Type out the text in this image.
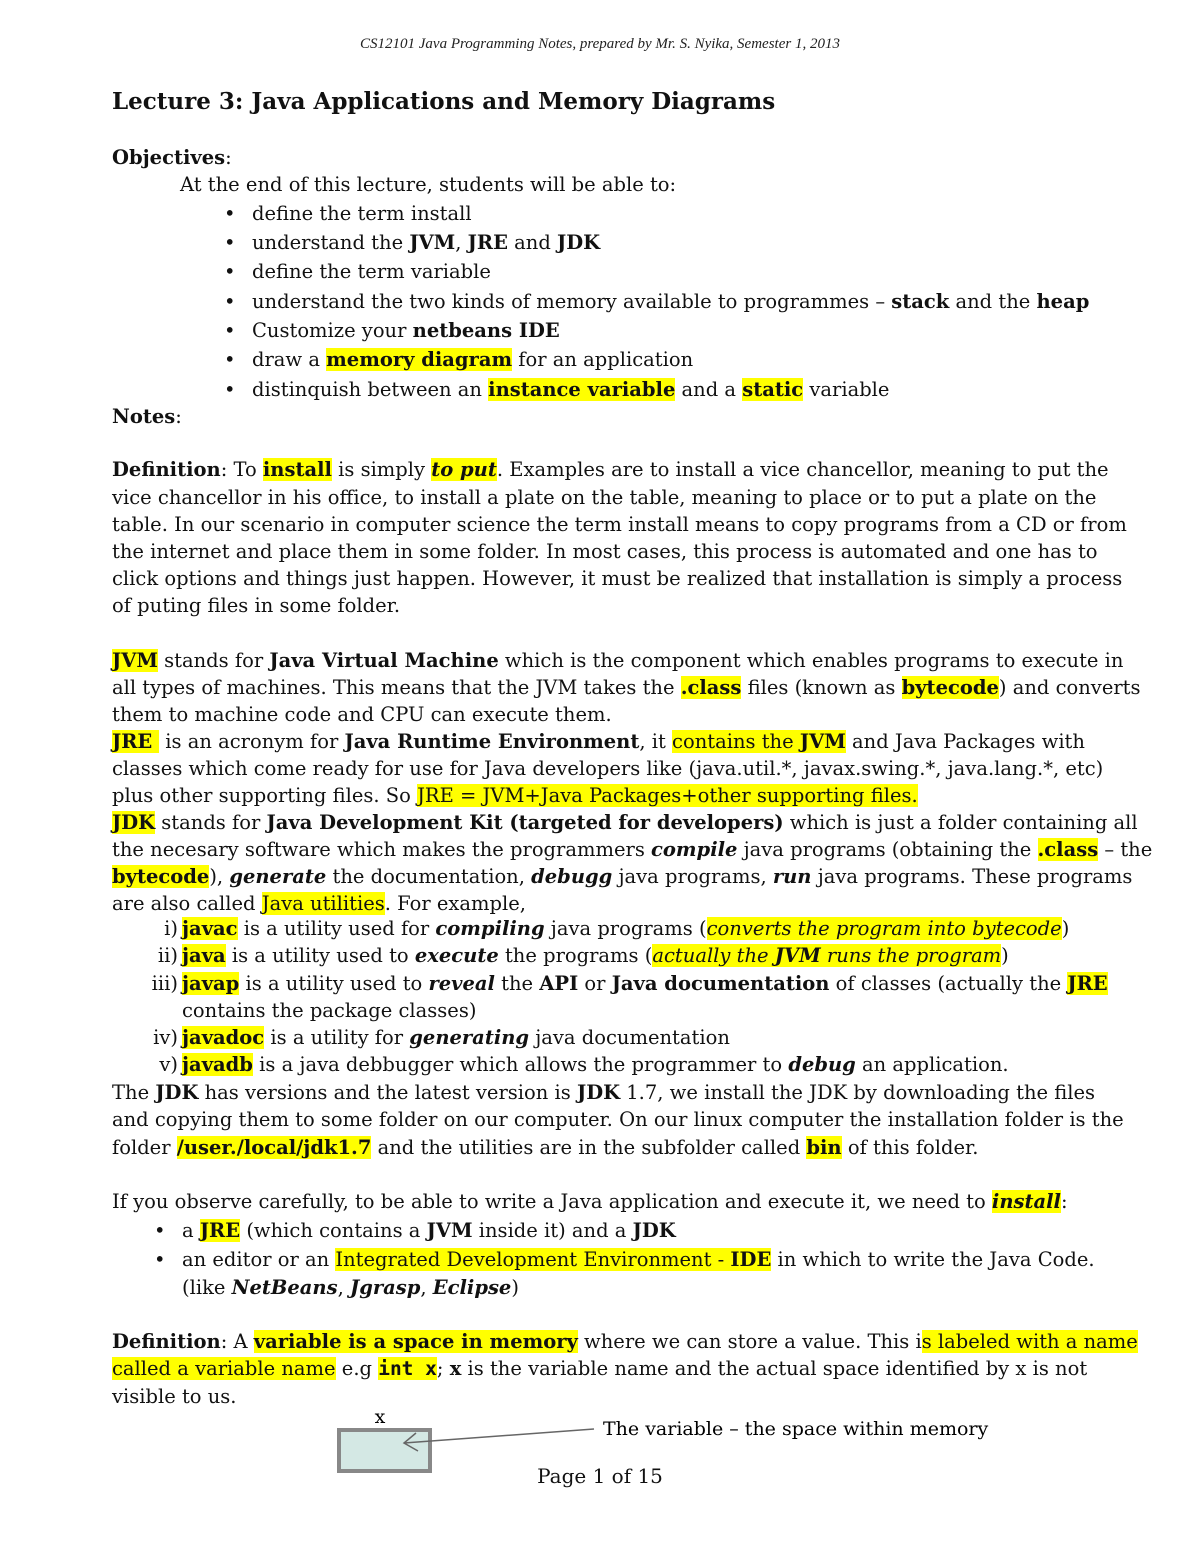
CS12101 Java Programming Notes, prepared by Mr. S. Nyika, Semester 1, 2013
Lecture 3: Java Applications and Memory Diagrams
Objectives:
At the end of this lecture, students will be able to:
• define the term install
• understand the JVM, JRE and JDK
• define the term variable
• understand the two kinds of memory available to programmes – stack and the heap
• Customize your netbeans IDE
• draw a memory diagram for an application
• distinquish between an instance variable and a static variable
Notes:
Definition: To install is simply to put. Examples are to install a vice chancellor, meaning to put the
vice chancellor in his office, to install a plate on the table, meaning to place or to put a plate on the
table. In our scenario in computer science the term install means to copy programs from a CD or from
the internet and place them in some folder. In most cases, this process is automated and one has to
click options and things just happen. However, it must be realized that installation is simply a process
of puting files in some folder.
JVM stands for Java Virtual Machine which is the component which enables programs to execute in
all types of machines. This means that the JVM takes the .class files (known as bytecode) and converts
them to machine code and CPU can execute them.
JRE  is an acronym for Java Runtime Environment, it contains the JVM and Java Packages with
classes which come ready for use for Java developers like (java.util.*, javax.swing.*, java.lang.*, etc)
plus other supporting files. So JRE = JVM+Java Packages+other supporting files.
JDK stands for Java Development Kit (targeted for developers) which is just a folder containing all
the necesary software which makes the programmers compile java programs (obtaining the .class – the
bytecode), generate the documentation, debugg java programs, run java programs. These programs
are also called Java utilities. For example,
i) javac is a utility used for compiling java programs (converts the program into bytecode)
ii) java is a utility used to execute the programs (actually the JVM runs the program)
iii) javap is a utility used to reveal the API or Java documentation of classes (actually the JRE
contains the package classes)
iv) javadoc is a utility for generating java documentation
v) javadb is a java debbugger which allows the programmer to debug an application.
The JDK has versions and the latest version is JDK 1.7, we install the JDK by downloading the files
and copying them to some folder on our computer. On our linux computer the installation folder is the
folder /user./local/jdk1.7 and the utilities are in the subfolder called bin of this folder.
If you observe carefully, to be able to write a Java application and execute it, we need to install:
• a JRE (which contains a JVM inside it) and a JDK
• an editor or an Integrated Development Environment - IDE in which to write the Java Code.
(like NetBeans, Jgrasp, Eclipse)
Definition: A variable is a space in memory where we can store a value. This is labeled with a name
called a variable name e.g int x; x is the variable name and the actual space identified by x is not
visible to us.
x
The variable – the space within memory
Page 1 of 15
